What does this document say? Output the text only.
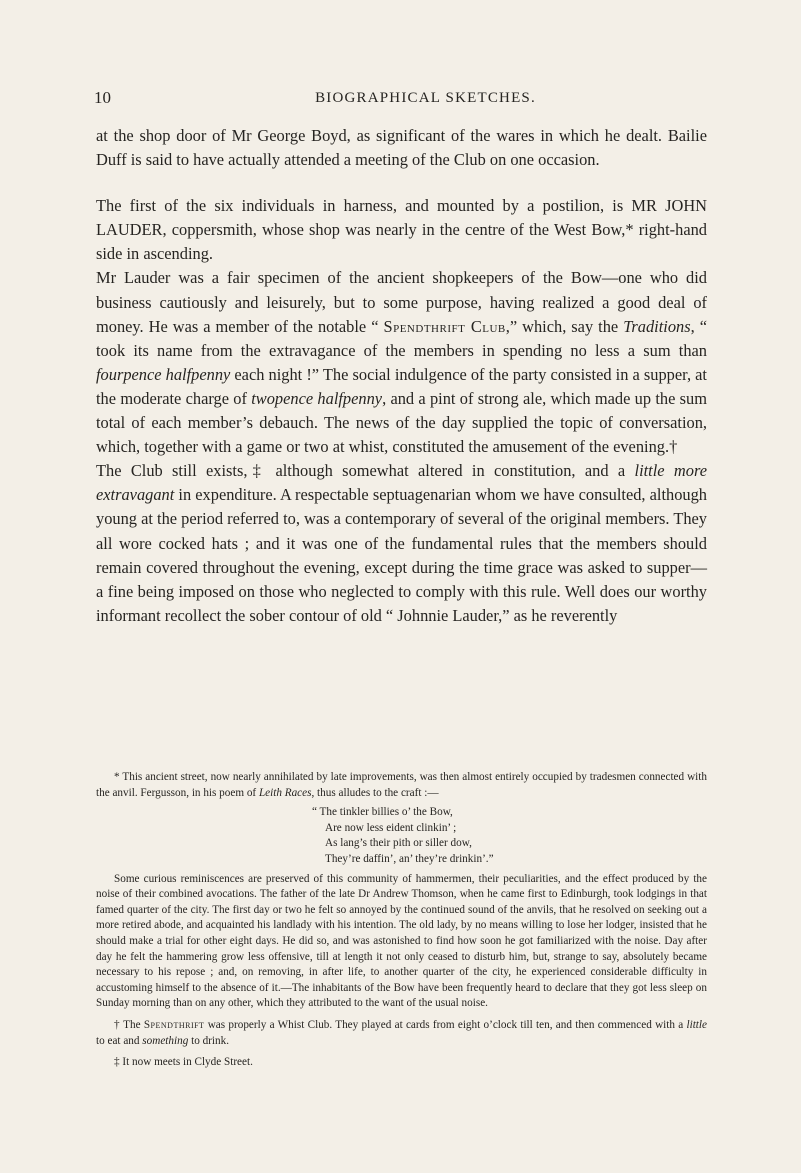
10	BIOGRAPHICAL SKETCHES.

at the shop door of Mr George Boyd, as significant of the wares in which he dealt. Bailie Duff is said to have actually attended a meeting of the Club on one occasion.

The first of the six individuals in harness, and mounted by a postilion, is MR JOHN LAUDER, coppersmith, whose shop was nearly in the centre of the West Bow,* right-hand side in ascending.

Mr Lauder was a fair specimen of the ancient shopkeepers of the Bow—one who did business cautiously and leisurely, but to some purpose, having realized a good deal of money. He was a member of the notable “ Spendthrift Club,” which, say the Traditions, “ took its name from the extravagance of the members in spending no less a sum than fourpence halfpenny each night !” The social indulgence of the party consisted in a supper, at the moderate charge of twopence halfpenny, and a pint of strong ale, which made up the sum total of each member’s debauch. The news of the day supplied the topic of conversation, which, together with a game or two at whist, constituted the amusement of the evening.†

The Club still exists,‡ although somewhat altered in constitution, and a little more extravagant in expenditure. A respectable septuagenarian whom we have consulted, although young at the period referred to, was a contemporary of several of the original members. They all wore cocked hats ; and it was one of the fundamental rules that the members should remain covered throughout the evening, except during the time grace was asked to supper—a fine being imposed on those who neglected to comply with this rule. Well does our worthy informant recollect the sober contour of old “ Johnnie Lauder,” as he reverently

* This ancient street, now nearly annihilated by late improvements, was then almost entirely occupied by tradesmen connected with the anvil. Fergusson, in his poem of Leith Races, thus alludes to the craft :—

“ The tinkler billies o’ the Bow,
Are now less eident clinkin’ ;
As lang’s their pith or siller dow,
They’re daffin’, an’ they’re drinkin’.”

Some curious reminiscences are preserved of this community of hammermen, their peculiarities, and the effect produced by the noise of their combined avocations. The father of the late Dr Andrew Thomson, when he came first to Edinburgh, took lodgings in that famed quarter of the city. The first day or two he felt so annoyed by the continued sound of the anvils, that he resolved on seeking out a more retired abode, and acquainted his landlady with his intention. The old lady, by no means willing to lose her lodger, insisted that he should make a trial for other eight days. He did so, and was astonished to find how soon he got familiarized with the noise. Day after day he felt the hammering grow less offensive, till at length it not only ceased to disturb him, but, strange to say, absolutely became necessary to his repose ; and, on removing, in after life, to another quarter of the city, he experienced considerable difficulty in accustoming himself to the absence of it.—The inhabitants of the Bow have been frequently heard to declare that they got less sleep on Sunday morning than on any other, which they attributed to the want of the usual noise.

† The Spendthrift was properly a Whist Club. They played at cards from eight o’clock till ten, and then commenced with a little to eat and something to drink.

‡ It now meets in Clyde Street.
